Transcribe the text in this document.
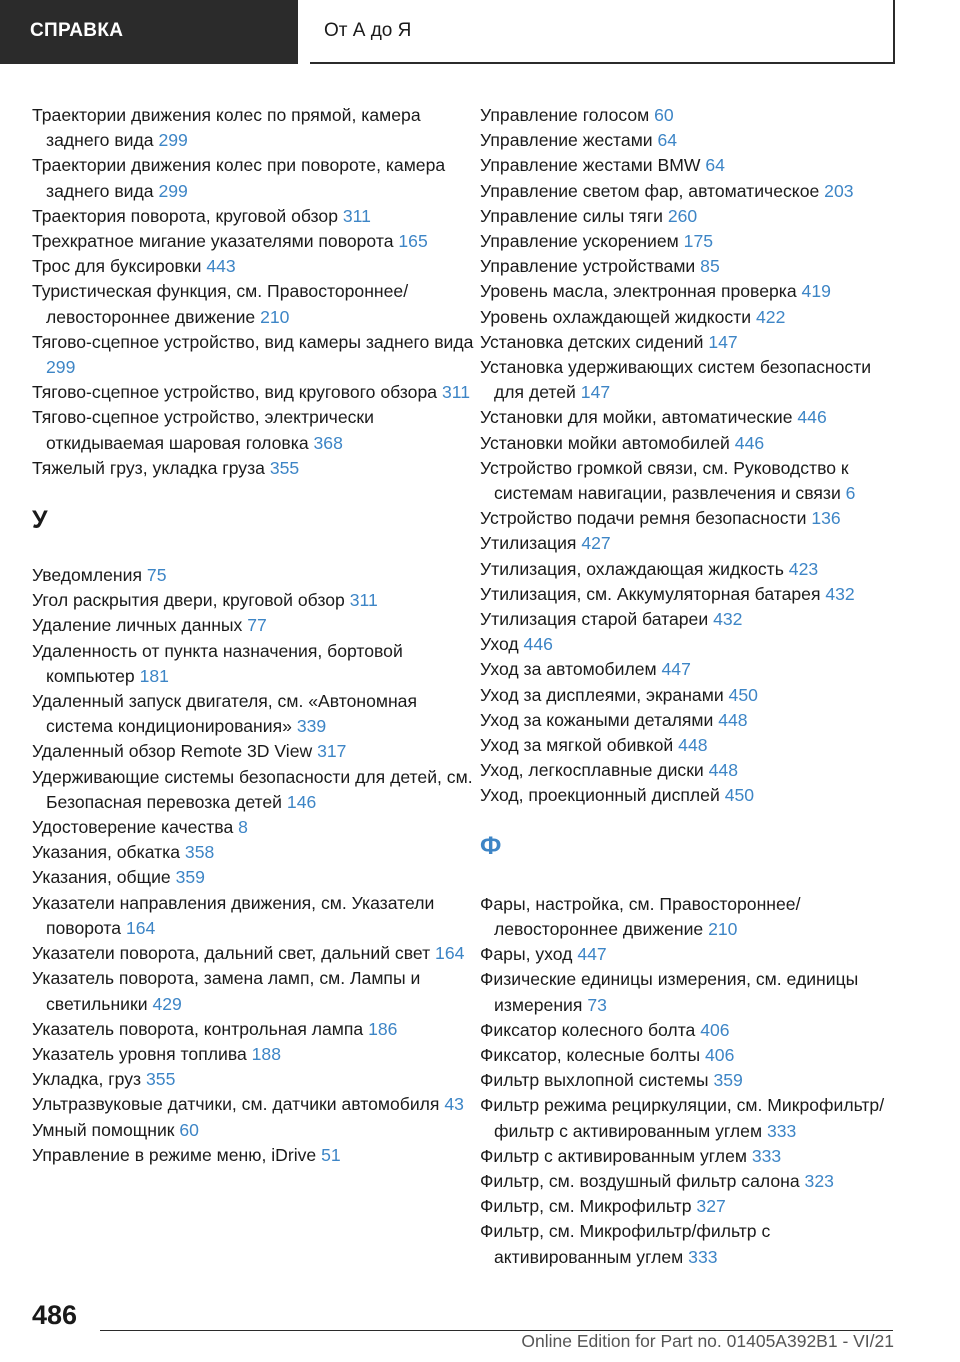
СПРАВКА	От А до Я
Траектории движения колес по прямой, камера заднего вида 299
Траектории движения колес при повороте, камера заднего вида 299
Траектория поворота, круговой обзор 311
Трехкратное мигание указателями поворота 165
Трос для буксировки 443
Туристическая функция, см. Правостороннее/левостороннее движение 210
Тягово-сцепное устройство, вид камеры заднего вида 299
Тягово-сцепное устройство, вид кругового обзора 311
Тягово-сцепное устройство, электрически откидываемая шаровая головка 368
Тяжелый груз, укладка груза 355
У
Уведомления 75
Угол раскрытия двери, круговой обзор 311
Удаление личных данных 77
Удаленность от пункта назначения, бортовой компьютер 181
Удаленный запуск двигателя, см. «Автономная система кондиционирования» 339
Удаленный обзор Remote 3D View 317
Удерживающие системы безопасности для детей, см. Безопасная перевозка детей 146
Удостоверение качества 8
Указания, обкатка 358
Указания, общие 359
Указатели направления движения, см. Указатели поворота 164
Указатели поворота, дальний свет, дальний свет 164
Указатель поворота, замена ламп, см. Лампы и светильники 429
Указатель поворота, контрольная лампа 186
Указатель уровня топлива 188
Укладка, груз 355
Ультразвуковые датчики, см. датчики автомобиля 43
Умный помощник 60
Управление в режиме меню, iDrive 51
Управление голосом 60
Управление жестами 64
Управление жестами BMW 64
Управление светом фар, автоматическое 203
Управление силы тяги 260
Управление ускорением 175
Управление устройствами 85
Уровень масла, электронная проверка 419
Уровень охлаждающей жидкости 422
Установка детских сидений 147
Установка удерживающих систем безопасности для детей 147
Установки для мойки, автоматические 446
Установки мойки автомобилей 446
Устройство громкой связи, см. Руководство к системам навигации, развлечения и связи 6
Устройство подачи ремня безопасности 136
Утилизация 427
Утилизация, охлаждающая жидкость 423
Утилизация, см. Аккумуляторная батарея 432
Утилизация старой батареи 432
Уход 446
Уход за автомобилем 447
Уход за дисплеями, экранами 450
Уход за кожаными деталями 448
Уход за мягкой обивкой 448
Уход, легкосплавные диски 448
Уход, проекционный дисплей 450
Ф
Фары, настройка, см. Правостороннее/левостороннее движение 210
Фары, уход 447
Физические единицы измерения, см. единицы измерения 73
Фиксатор колесного болта 406
Фиксатор, колесные болты 406
Фильтр выхлопной системы 359
Фильтр режима рециркуляции, см. Микрофильтр/фильтр с активированным углем 333
Фильтр с активированным углем 333
Фильтр, см. воздушный фильтр салона 323
Фильтр, см. Микрофильтр 327
Фильтр, см. Микрофильтр/фильтр с активированным углем 333
486
Online Edition for Part no. 01405A392B1 - VI/21
